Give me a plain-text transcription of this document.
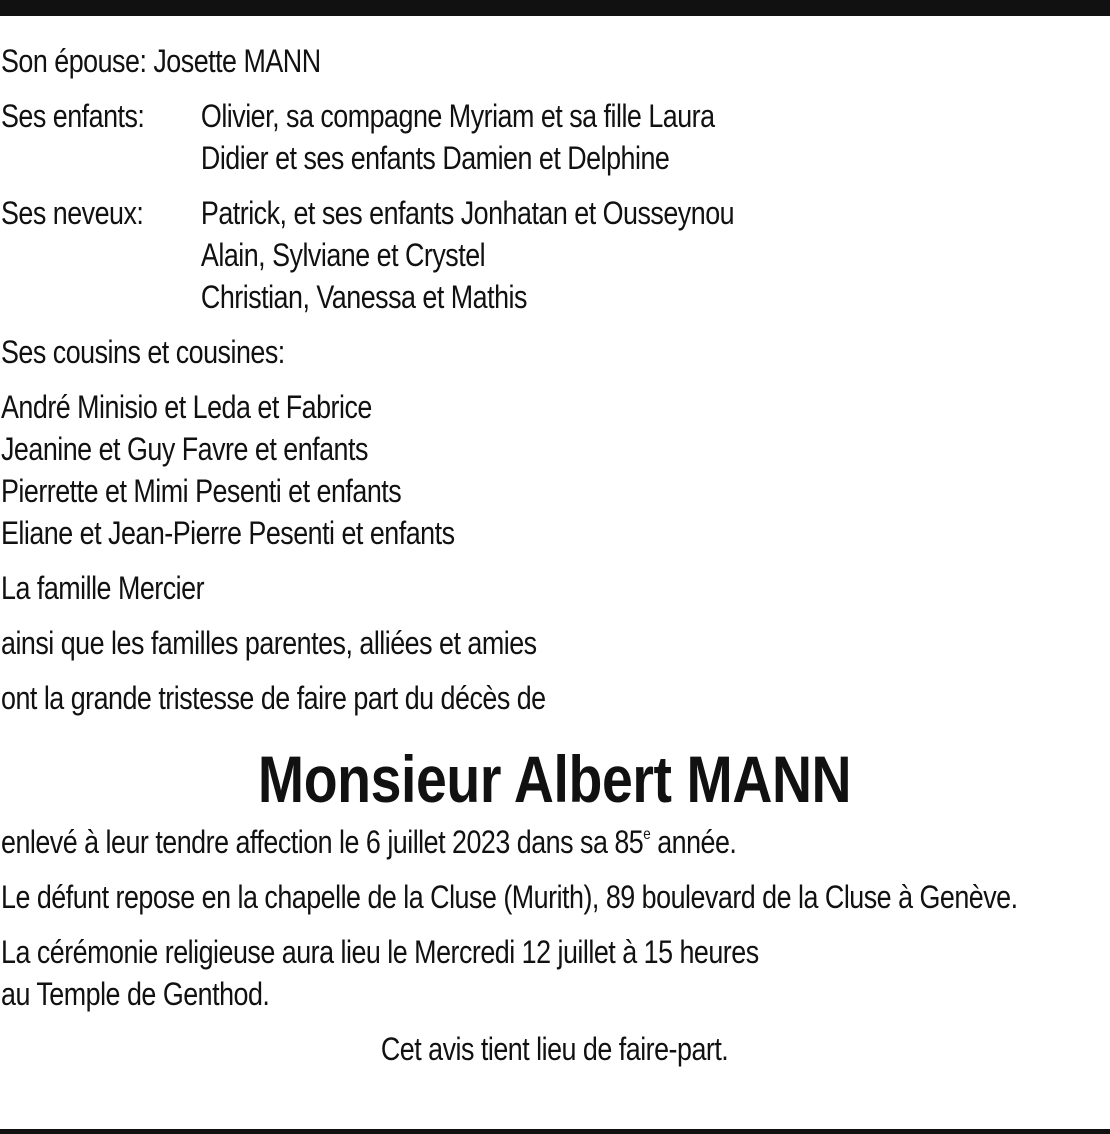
Son épouse: Josette MANN
Ses enfants:	Olivier, sa compagne Myriam et sa fille Laura
Didier et ses enfants Damien et Delphine
Ses neveux:	Patrick, et ses enfants Jonhatan et Ousseynou
Alain, Sylviane et Crystel
Christian, Vanessa et Mathis
Ses cousins et cousines:
André Minisio et Leda et Fabrice
Jeanine et Guy Favre et enfants
Pierrette et Mimi Pesenti et enfants
Eliane et Jean-Pierre Pesenti et enfants
La famille Mercier
ainsi que les familles parentes, alliées et amies
ont la grande tristesse de faire part du décès de
Monsieur Albert MANN
enlevé à leur tendre affection le 6 juillet 2023 dans sa 85e année.
Le défunt repose en la chapelle de la Cluse (Murith), 89 boulevard de la Cluse à Genève.
La cérémonie religieuse aura lieu le Mercredi 12 juillet à 15 heures
au Temple de Genthod.
Cet avis tient lieu de faire-part.
